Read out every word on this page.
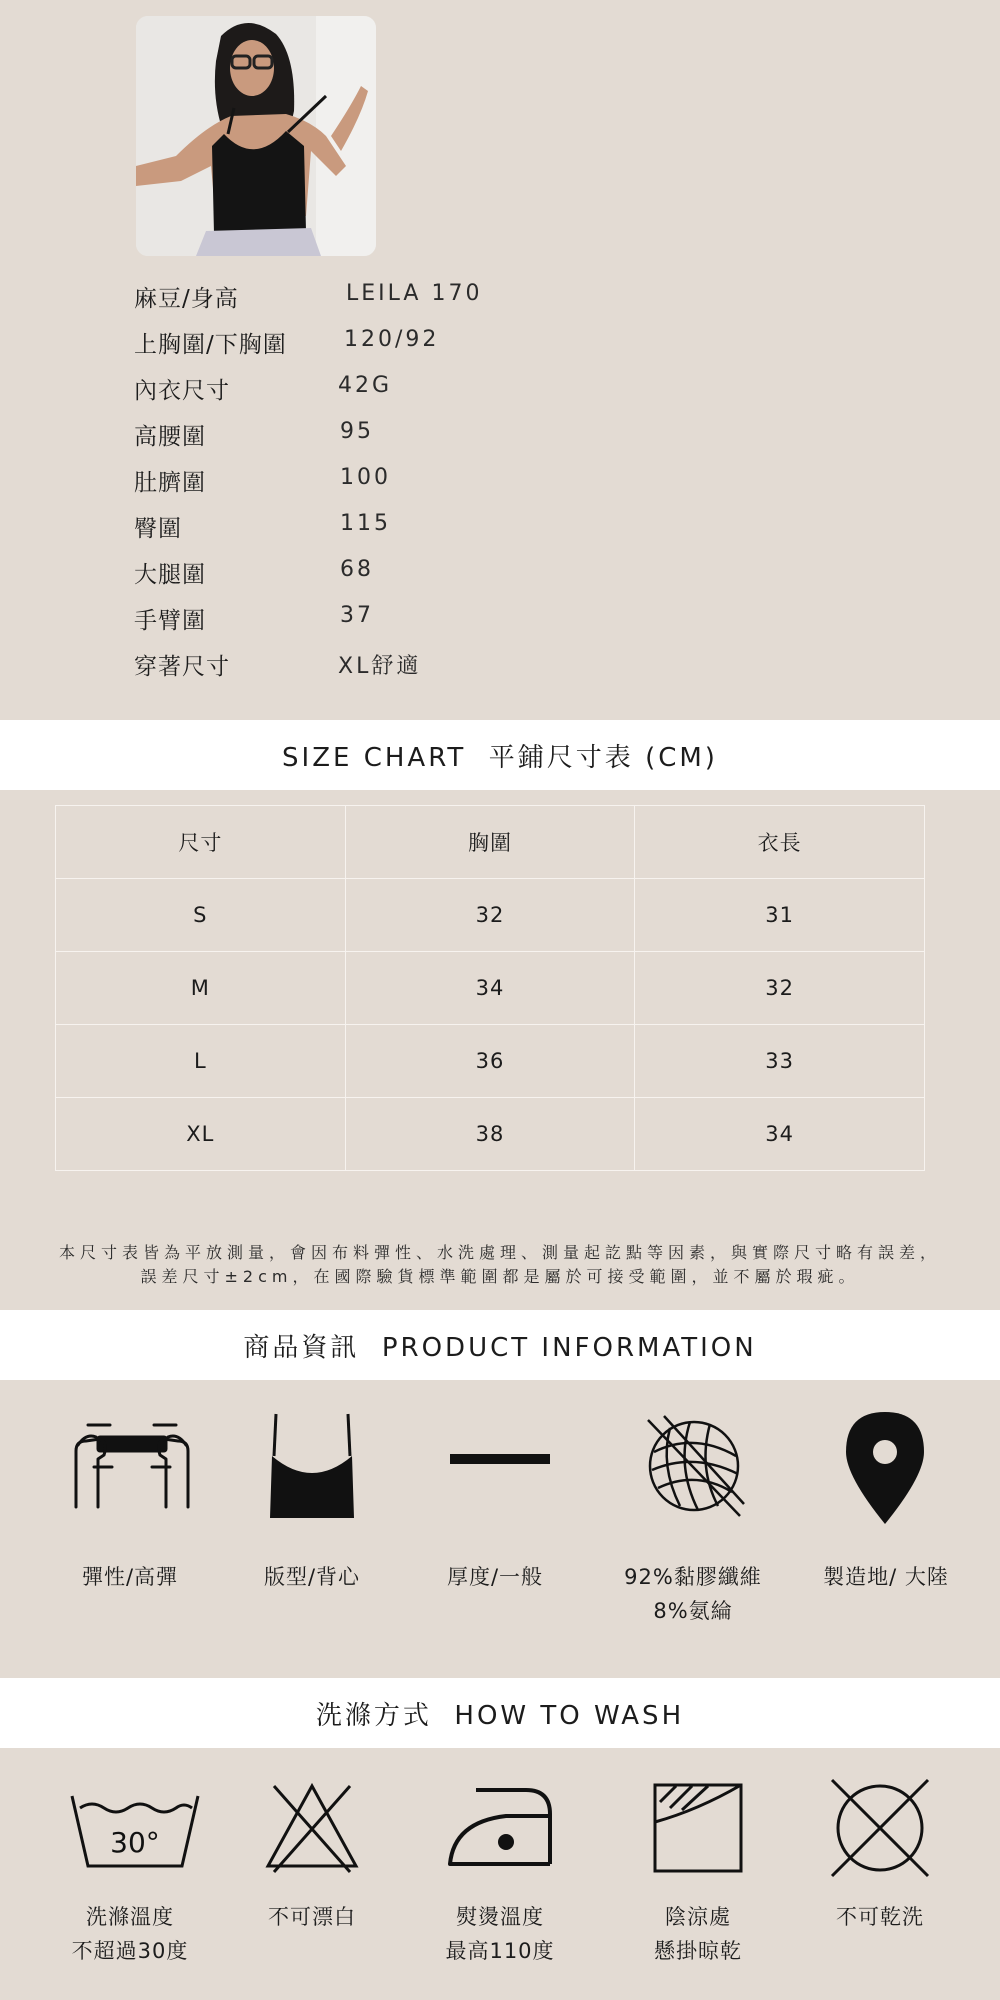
麻豆/身高	LEILA 170
上胸圍/下胸圍	120/92
內衣尺寸	42G
高腰圍	95
肚臍圍	100
臀圍	115
大腿圍	68
手臂圍	37
穿著尺寸	XL舒適
SIZE CHART  平鋪尺寸表 (CM)
尺寸	胸圍	衣長
S	32	31
M	34	32
L	36	33
XL	38	34
本尺寸表皆為平放測量，會因布料彈性、水洗處理、測量起訖點等因素，與實際尺寸略有誤差，
誤差尺寸±2cm，在國際驗貨標準範圍都是屬於可接受範圍，並不屬於瑕疵。
商品資訊  PRODUCT INFORMATION
彈性/高彈	版型/背心	厚度/一般	92%黏膠纖維
8%氨綸
製造地/ 大陸
洗滌方式  HOW TO WASH
30°
洗滌溫度
不超過30度
不可漂白	熨燙溫度
最高110度
陰涼處
懸掛晾乾
不可乾洗
